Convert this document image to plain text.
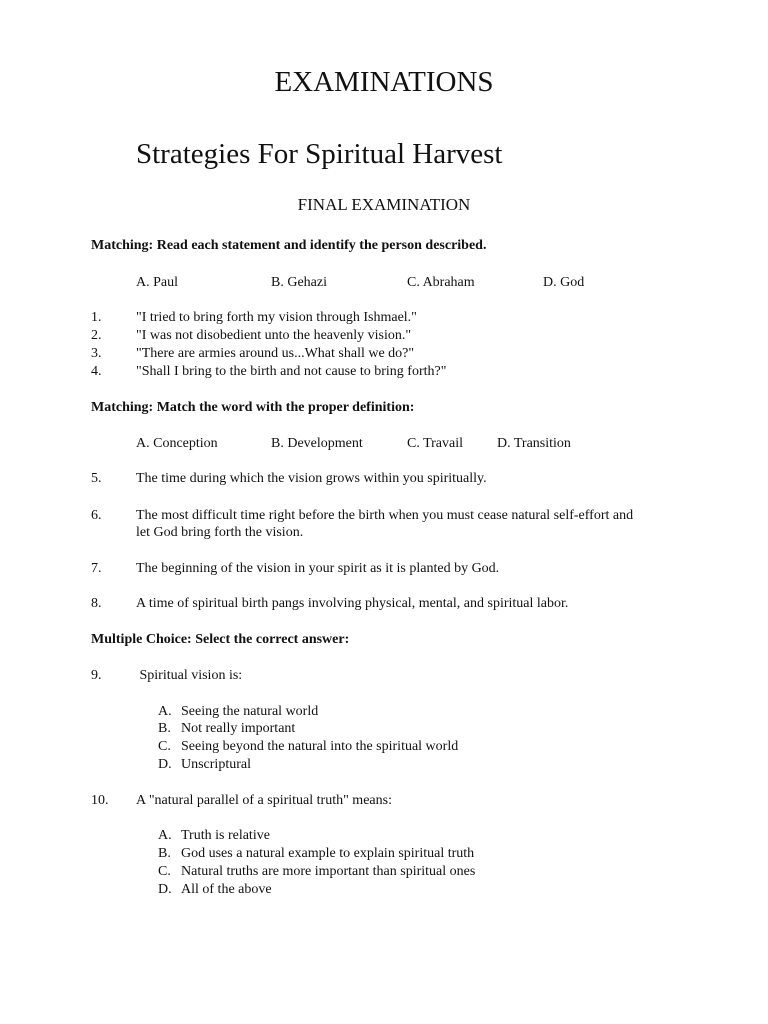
EXAMINATIONS
Strategies For Spiritual Harvest
FINAL EXAMINATION
Matching: Read each statement and identify the person described.
A. Paul	B. Gehazi	C. Abraham	D. God
1. "I tried to bring forth my vision through Ishmael."
2. "I was not disobedient unto the heavenly vision."
3. "There are armies around us...What shall we do?"
4. "Shall I bring to the birth and not cause to bring forth?"
Matching: Match the word with the proper definition:
A. Conception	B. Development	C. Travail D. Transition
5. The time during which the vision grows within you spiritually.
6. The most difficult time right before the birth when you must cease natural self-effort and
let God bring forth the vision.
7. The beginning of the vision in your spirit as it is planted by God.
8. A time of spiritual birth pangs involving physical, mental, and spiritual labor.
Multiple Choice: Select the correct answer:
9. Spiritual vision is:
A. Seeing the natural world
B. Not really important
C. Seeing beyond the natural into the spiritual world
D. Unscriptural
10. A "natural parallel of a spiritual truth" means:
A. Truth is relative
B. God uses a natural example to explain spiritual truth
C. Natural truths are more important than spiritual ones
D. All of the above
